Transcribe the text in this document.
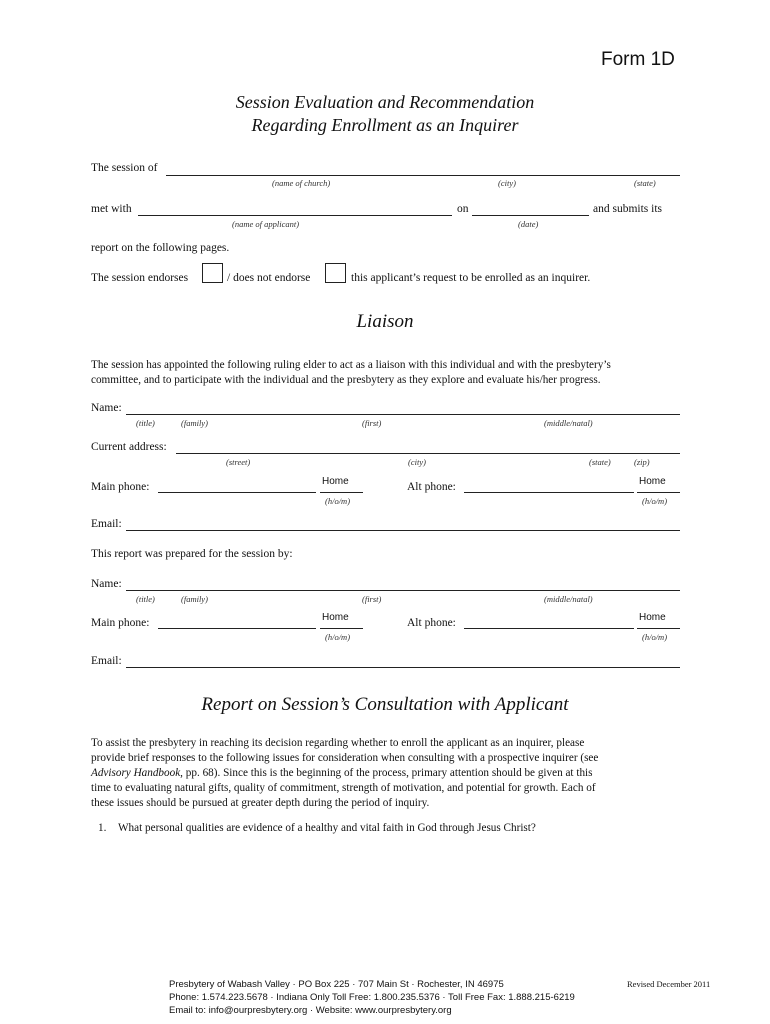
Form 1D
Session Evaluation and Recommendation
Regarding Enrollment as an Inquirer
The session of
(name of church)	(city)	(state)
met with
(name of applicant)
on
(date)
and submits its
report on the following pages.
The session endorses	/ does not endorse	this applicant’s request to be enrolled as an inquirer.
Liaison
The session has appointed the following ruling elder to act as a liaison with this individual and with the presbytery’s
committee, and to participate with the individual and the presbytery as they explore and evaluate his/her progress.
Name:
(title)	(family)	(first)	(middle/natal)
Current address:
(street)	(city)	(state)	(zip)
Main phone:	Home
(h/o/m)
Alt phone:	Home
(h/o/m)
Email:
This report was prepared for the session by:
Name:
(title)	(family)	(first)	(middle/natal)
Main phone:	Home
(h/o/m)
Alt phone:	Home
(h/o/m)
Email:
Report on Session’s Consultation with Applicant
To assist the presbytery in reaching its decision regarding whether to enroll the applicant as an inquirer, please
provide brief responses to the following issues for consideration when consulting with a prospective inquirer (see
Advisory Handbook, pp. 68). Since this is the beginning of the process, primary attention should be given at this
time to evaluating natural gifts, quality of commitment, strength of motivation, and potential for growth. Each of
these issues should be pursued at greater depth during the period of inquiry.
1. What personal qualities are evidence of a healthy and vital faith in God through Jesus Christ?
Presbytery of Wabash Valley · PO Box 225 · 707 Main St · Rochester, IN 46975
Phone: 1.574.223.5678 · Indiana Only Toll Free: 1.800.235.5376 · Toll Free Fax: 1.888.215-6219
Email to: info@ourpresbytery.org · Website: www.ourpresbytery.org
Revised December 2011
